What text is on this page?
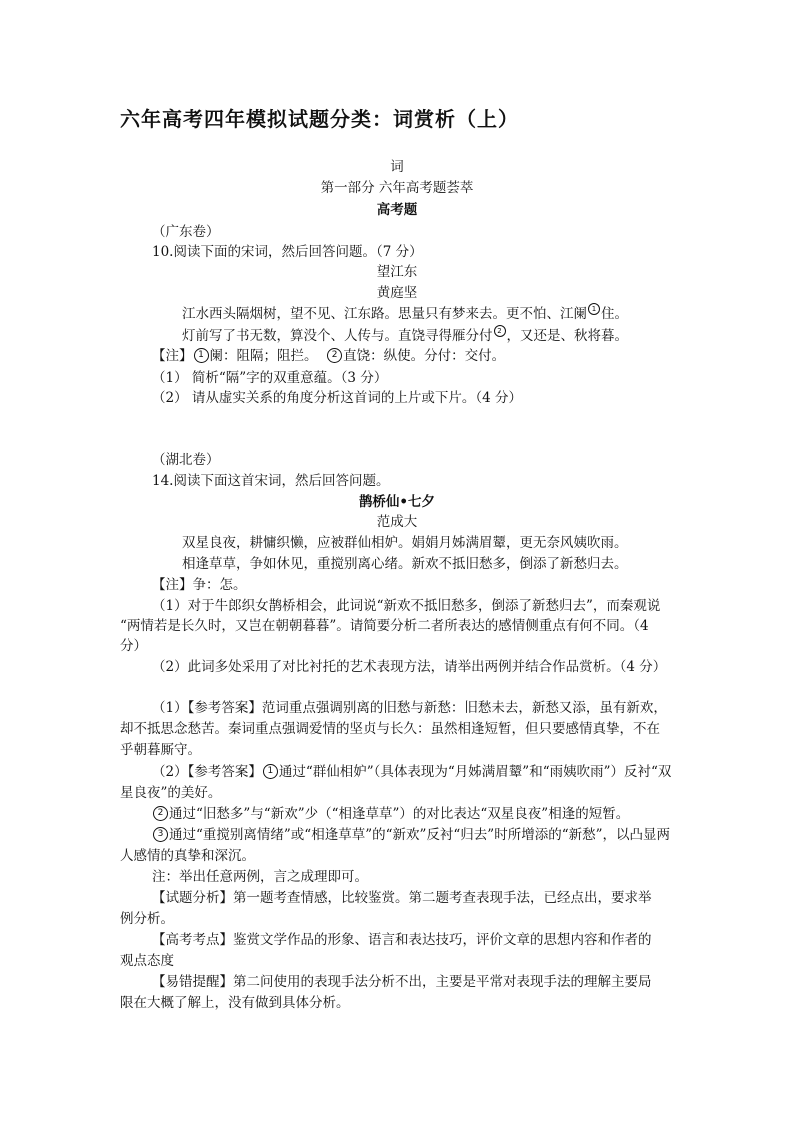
六年高考四年模拟试题分类：词赏析（上）
词
第一部分 六年高考题荟萃
高考题
（广东卷）
10.阅读下面的宋词，然后回答问题。（7 分）
望江东
黄庭坚
江水西头隔烟树，望不见、江东路。思量只有梦来去。更不怕、江阑 1 住。
灯前写了书无数，算没个、人传与。直饶寻得雁分付 2 ，又还是、秋将暮。
【注】 1 阑：阻隔；阻拦。 2 直饶：纵使。分付：交付。
（1） 简析“隔”字的双重意蕴。（3 分）
（2） 请从虚实关系的角度分析这首词的上片或下片。（4 分）
（湖北卷）
14.阅读下面这首宋词，然后回答问题。
鹊桥仙•七夕
范成大
双星良夜，耕慵织懒，应被群仙相妒。娟娟月姊满眉颦，更无奈风姨吹雨。
相逢草草，争如休见，重搅别离心绪。新欢不抵旧愁多，倒添了新愁归去。
【注】争：怎。
（1）对于牛郎织女鹊桥相会，此词说“新欢不抵旧愁多，倒添了新愁归去”，而秦观说
“两情若是长久时，又岂在朝朝暮暮”。请简要分析二者所表达的感情侧重点有何不同。（4
分）
（2）此词多处采用了对比衬托的艺术表现方法，请举出两例并结合作品赏析。（4 分）
（1）【参考答案】范词重点强调别离的旧愁与新愁：旧愁未去，新愁又添，虽有新欢，
却不抵思念愁苦。秦词重点强调爱情的坚贞与长久：虽然相逢短暂，但只要感情真挚，不在
乎朝暮厮守。
（2）【参考答案】 1 通过“群仙相妒”（具体表现为“月姊满眉颦”和“雨姨吹雨”）反衬“双
星良夜”的美好。
2 通过“旧愁多”与“新欢”少（“相逢草草”）的对比表达“双星良夜”相逢的短暂。
3 通过“重搅别离情绪”或“相逢草草”的“新欢”反衬“归去”时所增添的“新愁”，以凸显两
人感情的真挚和深沉。
注：举出任意两例，言之成理即可。
【试题分析】第一题考查情感，比较鉴赏。第二题考查表现手法，已经点出，要求举
例分析。
【高考考点】鉴赏文学作品的形象、语言和表达技巧，评价文章的思想内容和作者的
观点态度
【易错提醒】第二问使用的表现手法分析不出，主要是平常对表现手法的理解主要局
限在大概了解上，没有做到具体分析。
